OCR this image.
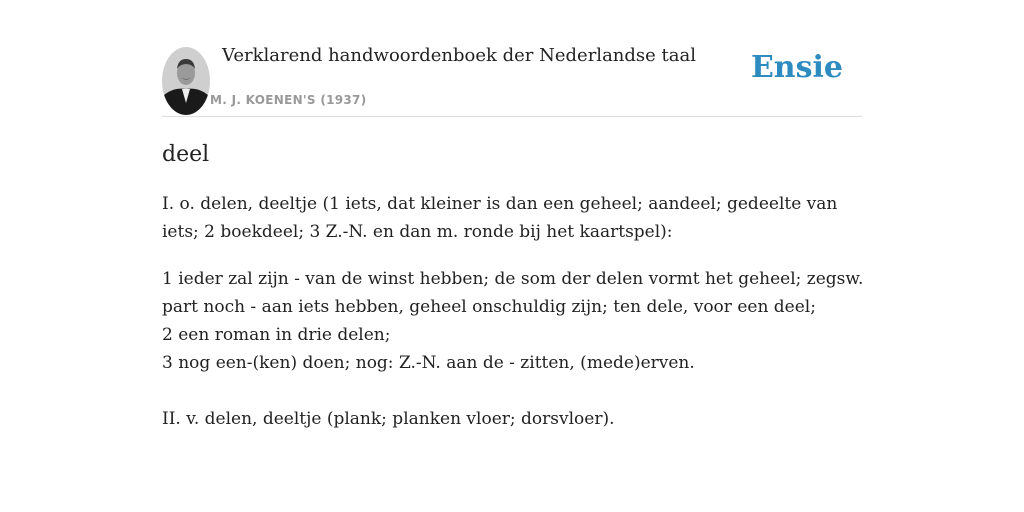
Verklarend handwoordenboek der Nederlandse taal
M. J. KOENEN'S (1937)
Ensie
deel

I. o. delen, deeltje (1 iets, dat kleiner is dan een geheel; aandeel; gedeelte van iets; 2 boekdeel; 3 Z.-N. en dan m. ronde bij het kaartspel):

1 ieder zal zijn - van de winst hebben; de som der delen vormt het geheel; zegsw.
part noch - aan iets hebben, geheel onschuldig zijn; ten dele, voor een deel;
2 een roman in drie delen;
3 nog een-(ken) doen; nog: Z.-N. aan de - zitten, (mede)erven.

II. v. delen, deeltje (plank; planken vloer; dorsvloer).
